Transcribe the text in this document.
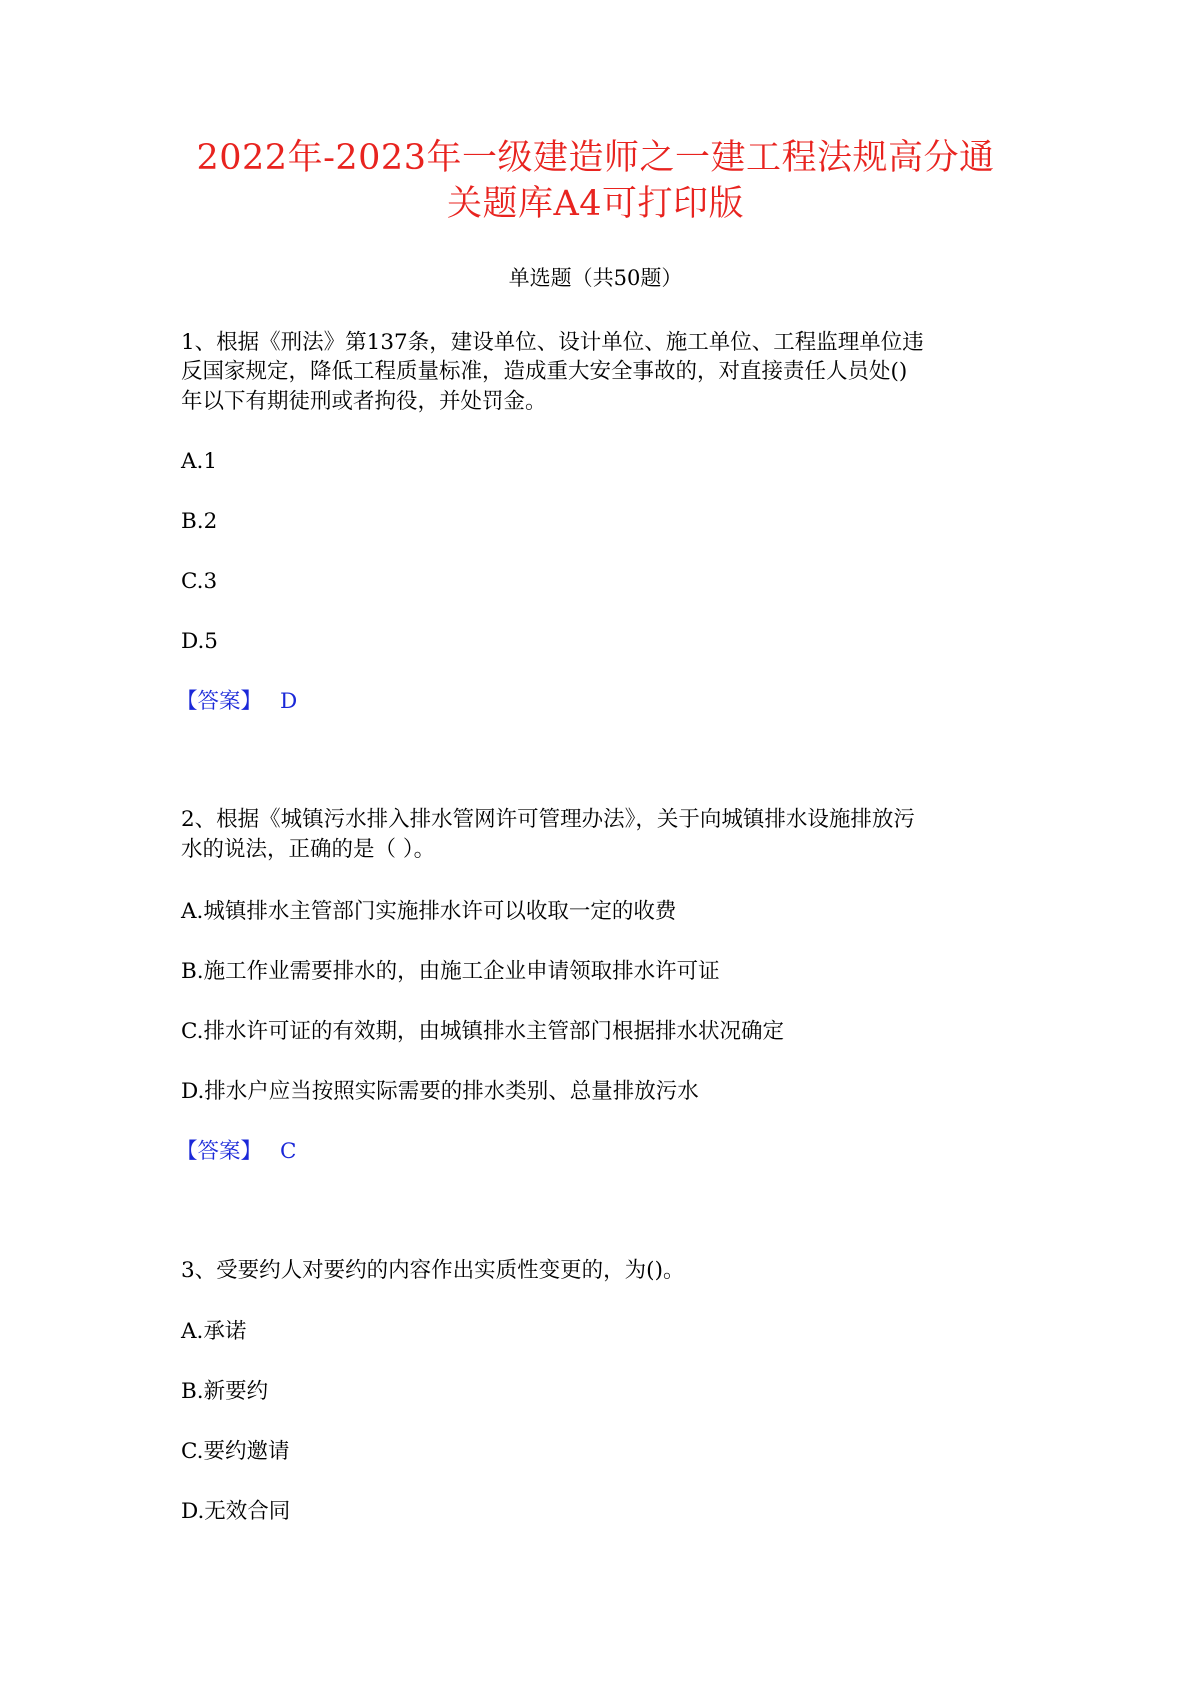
2022年-2023年一级建造师之一建工程法规高分通
关题库A4可打印版
单选题（共50题）
1、根据《刑法》第137条，建设单位、设计单位、施工单位、工程监理单位违
反国家规定，降低工程质量标准，造成重大安全事故的，对直接责任人员处()
年以下有期徒刑或者拘役，并处罚金。
A.1
B.2
C.3
D.5
【答案】 D
2、根据《城镇污水排入排水管网许可管理办法》，关于向城镇排水设施排放污
水的说法，正确的是（ ）。
A.城镇排水主管部门实施排水许可以收取一定的收费
B.施工作业需要排水的，由施工企业申请领取排水许可证
C.排水许可证的有效期，由城镇排水主管部门根据排水状况确定
D.排水户应当按照实际需要的排水类别、总量排放污水
【答案】 C
3、受要约人对要约的内容作出实质性变更的，为()。
A.承诺
B.新要约
C.要约邀请
D.无效合同
